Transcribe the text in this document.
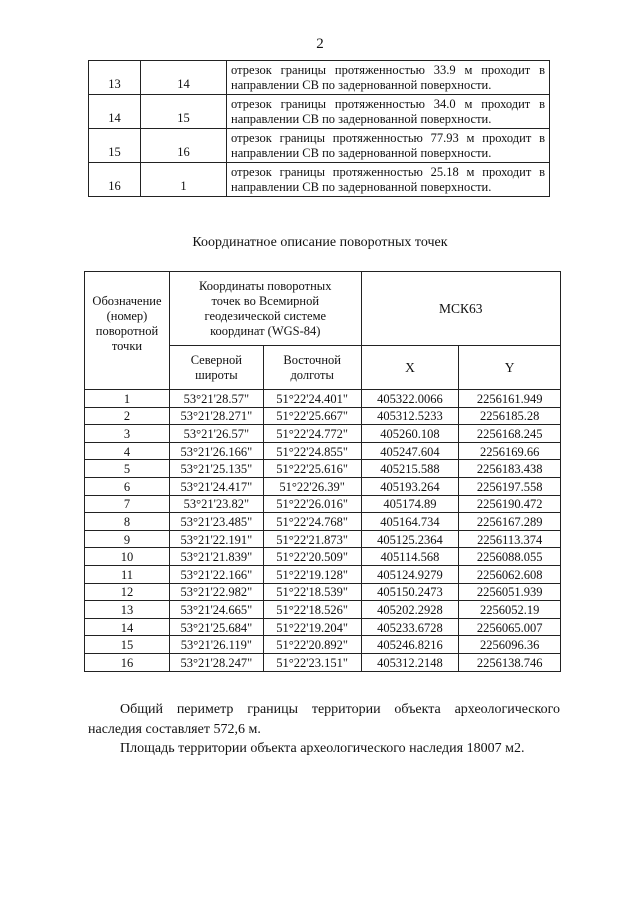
2
13	14	отрезок границы протяженностью 33.9 м проходит в направлении СВ по задернованной поверхности.
14	15	отрезок границы протяженностью 34.0 м проходит в направлении СВ по задернованной поверхности.
15	16	отрезок границы протяженностью 77.93 м проходит в направлении СВ по задернованной поверхности.
16	1	отрезок границы протяженностью 25.18 м проходит в направлении СВ по задернованной поверхности.
Координатное описание поворотных точек
Обозначение (номер) поворотной точки	Координаты поворотных точек во Всемирной геодезической системе координат (WGS-84)		МСК63	
	Северной широты	Восточной долготы	X	Y
1	53°21'28.57"	51°22'24.401"	405322.0066	2256161.949
2	53°21'28.271"	51°22'25.667"	405312.5233	2256185.28
3	53°21'26.57"	51°22'24.772"	405260.108	2256168.245
4	53°21'26.166"	51°22'24.855"	405247.604	2256169.66
5	53°21'25.135"	51°22'25.616"	405215.588	2256183.438
6	53°21'24.417"	51°22'26.39"	405193.264	2256197.558
7	53°21'23.82"	51°22'26.016"	405174.89	2256190.472
8	53°21'23.485"	51°22'24.768"	405164.734	2256167.289
9	53°21'22.191"	51°22'21.873"	405125.2364	2256113.374
10	53°21'21.839"	51°22'20.509"	405114.568	2256088.055
11	53°21'22.166"	51°22'19.128"	405124.9279	2256062.608
12	53°21'22.982"	51°22'18.539"	405150.2473	2256051.939
13	53°21'24.665"	51°22'18.526"	405202.2928	2256052.19
14	53°21'25.684"	51°22'19.204"	405233.6728	2256065.007
15	53°21'26.119"	51°22'20.892"	405246.8216	2256096.36
16	53°21'28.247"	51°22'23.151"	405312.2148	2256138.746
Общий периметр границы территории объекта археологического наследия составляет 572,6 м.
Площадь территории объекта археологического наследия 18007 м2.
